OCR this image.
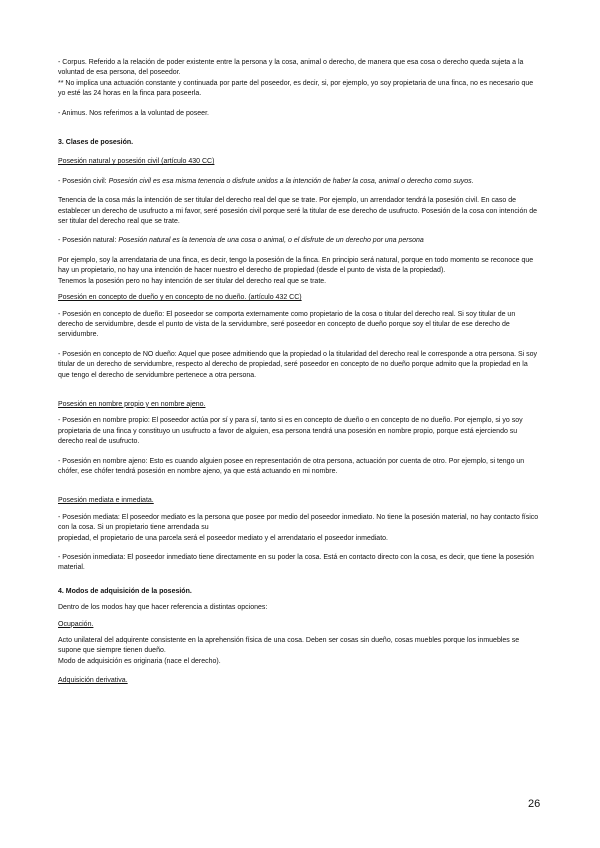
- Corpus. Referido a la relación de poder existente entre la persona y la cosa, animal o derecho, de manera que esa cosa o derecho queda sujeta a la voluntad de esa persona, del poseedor.

** No implica una actuación constante y continuada por parte del poseedor, es decir, si, por ejemplo, yo soy propietaria de una finca, no es necesario que yo esté las 24 horas en la finca para poseerla.

- Animus. Nos referimos a la voluntad de poseer.

3. Clases de posesión.

Posesión natural y posesión civil (artículo 430 CC)

- Posesión civil: Posesión civil es esa misma tenencia o disfrute unidos a la intención de haber la cosa, animal o derecho como suyos.

Tenencia de la cosa más la intención de ser titular del derecho real del que se trate. Por ejemplo, un arrendador tendrá la posesión civil. En caso de establecer un derecho de usufructo a mi favor, seré posesión civil porque seré la titular de ese derecho de usufructo. Posesión de la cosa con intención de ser titular del derecho real que se trate.

- Posesión natural: Posesión natural es la tenencia de una cosa o animal, o el disfrute de un derecho por una persona

Por ejemplo, soy la arrendataria de una finca, es decir, tengo la posesión de la finca. En principio será natural, porque en todo momento se reconoce que hay un propietario, no hay una intención de hacer nuestro el derecho de propiedad (desde el punto de vista de la propiedad).

Tenemos la posesión pero no hay intención de ser titular del derecho real que se trate.

Posesión en concepto de dueño y en concepto de no dueño. (artículo 432 CC)

- Posesión en concepto de dueño: El poseedor se comporta externamente como propietario de la cosa o titular del derecho real. Si soy titular de un derecho de servidumbre, desde el punto de vista de la servidumbre, seré poseedor en concepto de dueño porque soy el titular de ese derecho de servidumbre.

- Posesión en concepto de NO dueño: Aquel que posee admitiendo que la propiedad o la titularidad del derecho real le corresponde a otra persona. Si soy titular de un derecho de servidumbre, respecto al derecho de propiedad, seré poseedor en concepto de no dueño porque admito que la propiedad en la que tengo el derecho de servidumbre pertenece a otra persona.

Posesión en nombre propio y en nombre ajeno.

- Posesión en nombre propio: El poseedor actúa por sí y para sí, tanto si es en concepto de dueño o en concepto de no dueño. Por ejemplo, si yo soy propietaria de una finca y constituyo un usufructo a favor de alguien, esa persona tendrá una posesión en nombre propio, porque está ejerciendo su derecho real de usufructo.

- Posesión en nombre ajeno: Esto es cuando alguien posee en representación de otra persona, actuación por cuenta de otro. Por ejemplo, si tengo un chófer, ese chófer tendrá posesión en nombre ajeno, ya que está actuando en mi nombre.

Posesión mediata e inmediata.

- Posesión mediata: El poseedor mediato es la persona que posee por medio del poseedor inmediato. No tiene la posesión material, no hay contacto físico con la cosa. Si un propietario tiene arrendada su

propiedad, el propietario de una parcela será el poseedor mediato y el arrendatario el poseedor inmediato.

- Posesión inmediata: El poseedor inmediato tiene directamente en su poder la cosa. Está en contacto directo con la cosa, es decir, que tiene la posesión material.

4. Modos de adquisición de la posesión.

Dentro de los modos hay que hacer referencia a distintas opciones:

Ocupación.

Acto unilateral del adquirente consistente en la aprehensión física de una cosa. Deben ser cosas sin dueño, cosas muebles porque los inmuebles se supone que siempre tienen dueño.

Modo de adquisición es originaria (nace el derecho).

Adquisición derivativa.

26
